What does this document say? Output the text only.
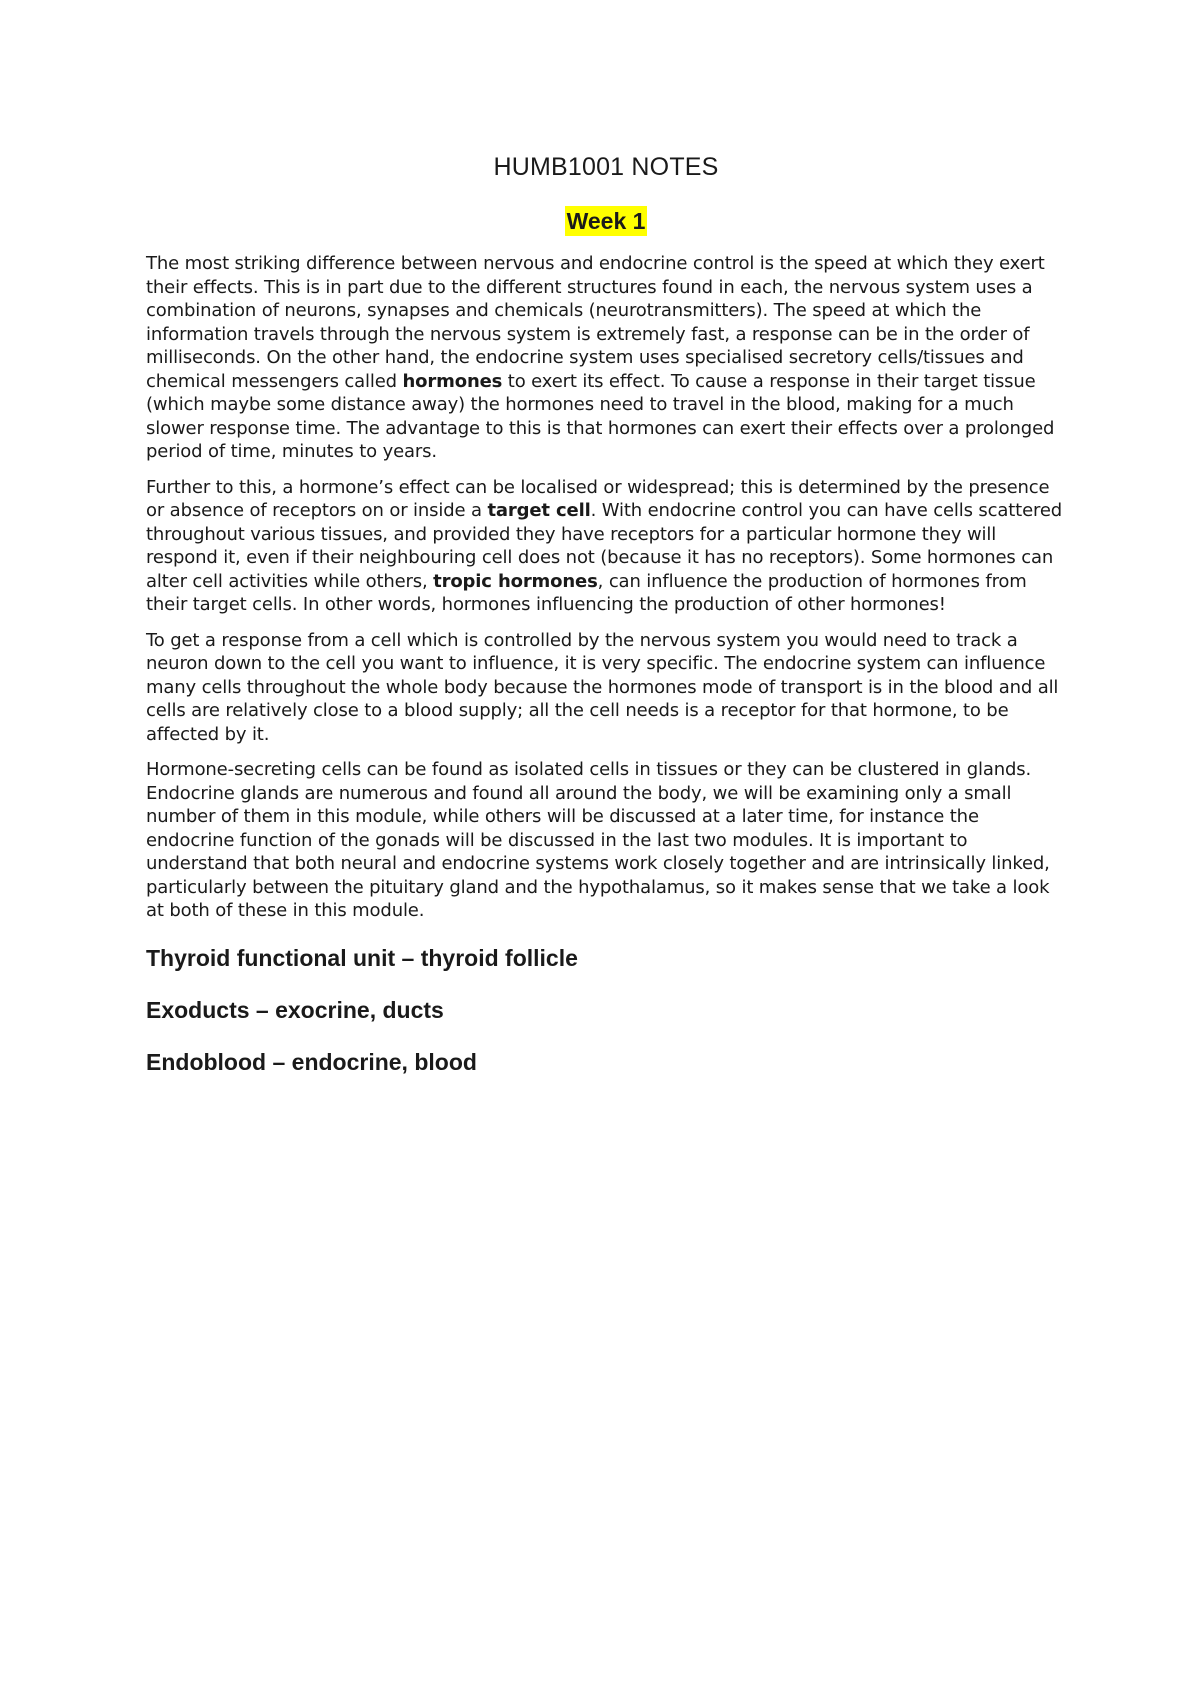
HUMB1001 NOTES
Week 1

The most striking difference between nervous and endocrine control is the speed at which they exert their effects. This is in part due to the different structures found in each, the nervous system uses a combination of neurons, synapses and chemicals (neurotransmitters). The speed at which the information travels through the nervous system is extremely fast, a response can be in the order of milliseconds. On the other hand, the endocrine system uses specialised secretory cells/tissues and chemical messengers called hormones to exert its effect. To cause a response in their target tissue (which maybe some distance away) the hormones need to travel in the blood, making for a much slower response time. The advantage to this is that hormones can exert their effects over a prolonged period of time, minutes to years.

Further to this, a hormone’s effect can be localised or widespread; this is determined by the presence or absence of receptors on or inside a target cell. With endocrine control you can have cells scattered throughout various tissues, and provided they have receptors for a particular hormone they will respond it, even if their neighbouring cell does not (because it has no receptors). Some hormones can alter cell activities while others, tropic hormones, can influence the production of hormones from their target cells. In other words, hormones influencing the production of other hormones!

To get a response from a cell which is controlled by the nervous system you would need to track a neuron down to the cell you want to influence, it is very specific. The endocrine system can influence many cells throughout the whole body because the hormones mode of transport is in the blood and all cells are relatively close to a blood supply; all the cell needs is a receptor for that hormone, to be affected by it.

Hormone-secreting cells can be found as isolated cells in tissues or they can be clustered in glands. Endocrine glands are numerous and found all around the body, we will be examining only a small number of them in this module, while others will be discussed at a later time, for instance the endocrine function of the gonads will be discussed in the last two modules. It is important to understand that both neural and endocrine systems work closely together and are intrinsically linked, particularly between the pituitary gland and the hypothalamus, so it makes sense that we take a look at both of these in this module.

Thyroid functional unit – thyroid follicle
Exoducts – exocrine, ducts
Endoblood – endocrine, blood
